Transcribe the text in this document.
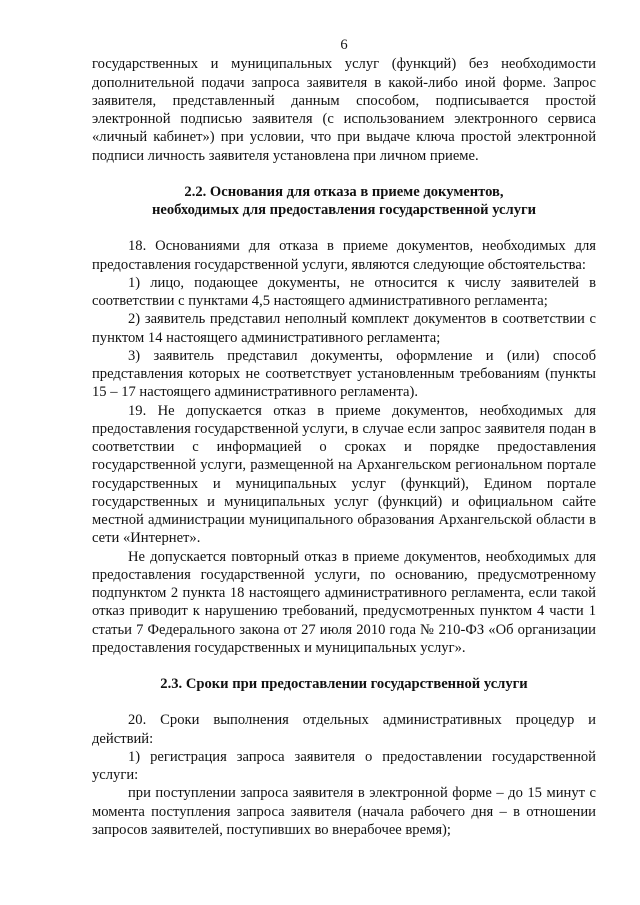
6

государственных и муниципальных услуг (функций) без необходимости дополнительной подачи запроса заявителя в какой-либо иной форме. Запрос заявителя, представленный данным способом, подписывается простой электронной подписью заявителя (с использованием электронного сервиса «личный кабинет») при условии, что при выдаче ключа простой электронной подписи личность заявителя установлена при личном приеме.

2.2. Основания для отказа в приеме документов,
необходимых для предоставления государственной услуги

18. Основаниями для отказа в приеме документов, необходимых для предоставления государственной услуги, являются следующие обстоятельства:

1) лицо, подающее документы, не относится к числу заявителей в соответствии с пунктами 4,5 настоящего административного регламента;

2) заявитель представил неполный комплект документов в соответствии с пунктом 14 настоящего административного регламента;

3) заявитель представил документы, оформление и (или) способ представления которых не соответствует установленным требованиям (пункты 15 – 17 настоящего административного регламента).

19. Не допускается отказ в приеме документов, необходимых для предоставления государственной услуги, в случае если запрос заявителя подан в соответствии с информацией о сроках и порядке предоставления государственной услуги, размещенной на Архангельском региональном портале государственных и муниципальных услуг (функций), Едином портале государственных и муниципальных услуг (функций) и официальном сайте местной администрации муниципального образования Архангельской области в сети «Интернет».

Не допускается повторный отказ в приеме документов, необходимых для предоставления государственной услуги, по основанию, предусмотренному подпунктом 2 пункта 18 настоящего административного регламента, если такой отказ приводит к нарушению требований, предусмотренных пунктом 4 части 1 статьи 7 Федерального закона от 27 июля 2010 года № 210-ФЗ «Об организации предоставления государственных и муниципальных услуг».

2.3. Сроки при предоставлении государственной услуги

20. Сроки выполнения отдельных административных процедур и действий:

1) регистрация запроса заявителя о предоставлении государственной услуги:

при поступлении запроса заявителя в электронной форме – до 15 минут с момента поступления запроса заявителя (начала рабочего дня – в отношении запросов заявителей, поступивших во внерабочее время);
